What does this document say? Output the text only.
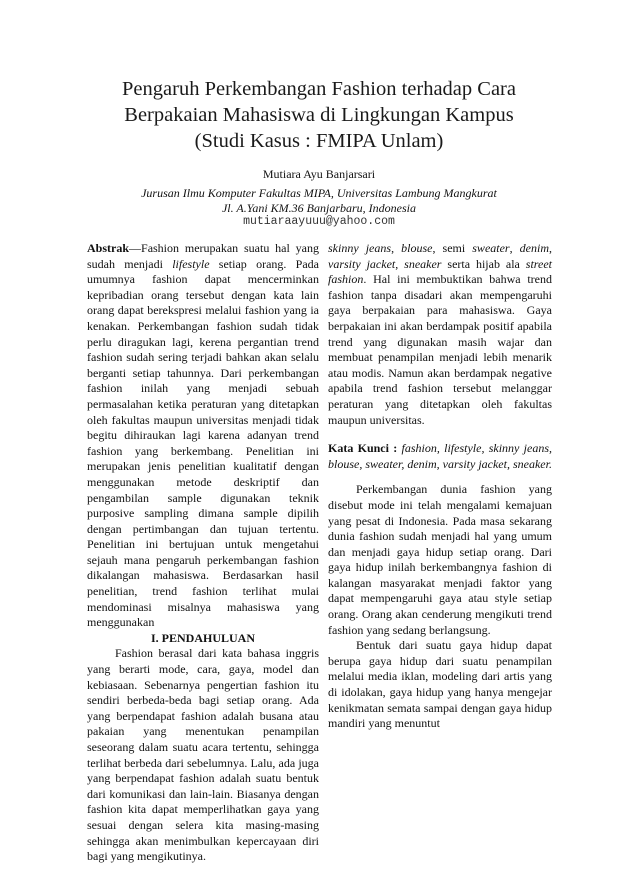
Pengaruh Perkembangan Fashion terhadap Cara
Berpakaian Mahasiswa di Lingkungan Kampus
(Studi Kasus : FMIPA Unlam)
Mutiara Ayu Banjarsari
Jurusan Ilmu Komputer Fakultas MIPA, Universitas Lambung Mangkurat
Jl. A.Yani KM.36 Banjarbaru, Indonesia
mutiaraayuuu@yahoo.com

Abstrak—Fashion merupakan suatu hal yang sudah menjadi lifestyle setiap orang. Pada umumnya fashion dapat mencerminkan kepribadian orang tersebut dengan kata lain orang dapat berekspresi melalui fashion yang ia kenakan. Perkembangan fashion sudah tidak perlu diragukan lagi, kerena pergantian trend fashion sudah sering terjadi bahkan akan selalu berganti setiap tahunnya. Dari perkembangan fashion inilah yang menjadi sebuah permasalahan ketika peraturan yang ditetapkan oleh fakultas maupun universitas menjadi tidak begitu dihiraukan lagi karena adanyan trend fashion yang berkembang. Penelitian ini merupakan jenis penelitian kualitatif dengan menggunakan metode deskriptif dan pengambilan sample digunakan teknik purposive sampling dimana sample dipilih dengan pertimbangan dan tujuan tertentu. Penelitian ini bertujuan untuk mengetahui sejauh mana pengaruh perkembangan fashion dikalangan mahasiswa. Berdasarkan hasil penelitian, trend fashion terlihat mulai mendominasi misalnya mahasiswa yang menggunakan

I. PENDAHULUAN

Fashion berasal dari kata bahasa inggris yang berarti mode, cara, gaya, model dan kebiasaan. Sebenarnya pengertian fashion itu sendiri berbeda-beda bagi setiap orang. Ada yang berpendapat fashion adalah busana atau pakaian yang menentukan penampilan seseorang dalam suatu acara tertentu, sehingga terlihat berbeda dari sebelumnya. Lalu, ada juga yang berpendapat fashion adalah suatu bentuk dari komunikasi dan lain-lain. Biasanya dengan fashion kita dapat memperlihatkan gaya yang sesuai dengan selera kita masing-masing sehingga akan menimbulkan kepercayaan diri bagi yang mengikutinya.

skinny jeans, blouse, semi sweater, denim, varsity jacket, sneaker serta hijab ala street fashion. Hal ini membuktikan bahwa trend fashion tanpa disadari akan mempengaruhi gaya berpakaian para mahasiswa. Gaya berpakaian ini akan berdampak positif apabila trend yang digunakan masih wajar dan membuat penampilan menjadi lebih menarik atau modis. Namun akan berdampak negative apabila trend fashion tersebut melanggar peraturan yang ditetapkan oleh fakultas maupun universitas.

Kata Kunci : fashion, lifestyle, skinny jeans, blouse, sweater, denim, varsity jacket, sneaker.

Perkembangan dunia fashion yang disebut mode ini telah mengalami kemajuan yang pesat di Indonesia. Pada masa sekarang dunia fashion sudah menjadi hal yang umum dan menjadi gaya hidup setiap orang. Dari gaya hidup inilah berkembangnya fashion di kalangan masyarakat menjadi faktor yang dapat mempengaruhi gaya atau style setiap orang. Orang akan cenderung mengikuti trend fashion yang sedang berlangsung.

Bentuk dari suatu gaya hidup dapat berupa gaya hidup dari suatu penampilan melalui media iklan, modeling dari artis yang di idolakan, gaya hidup yang hanya mengejar kenikmatan semata sampai dengan gaya hidup mandiri yang menuntut
